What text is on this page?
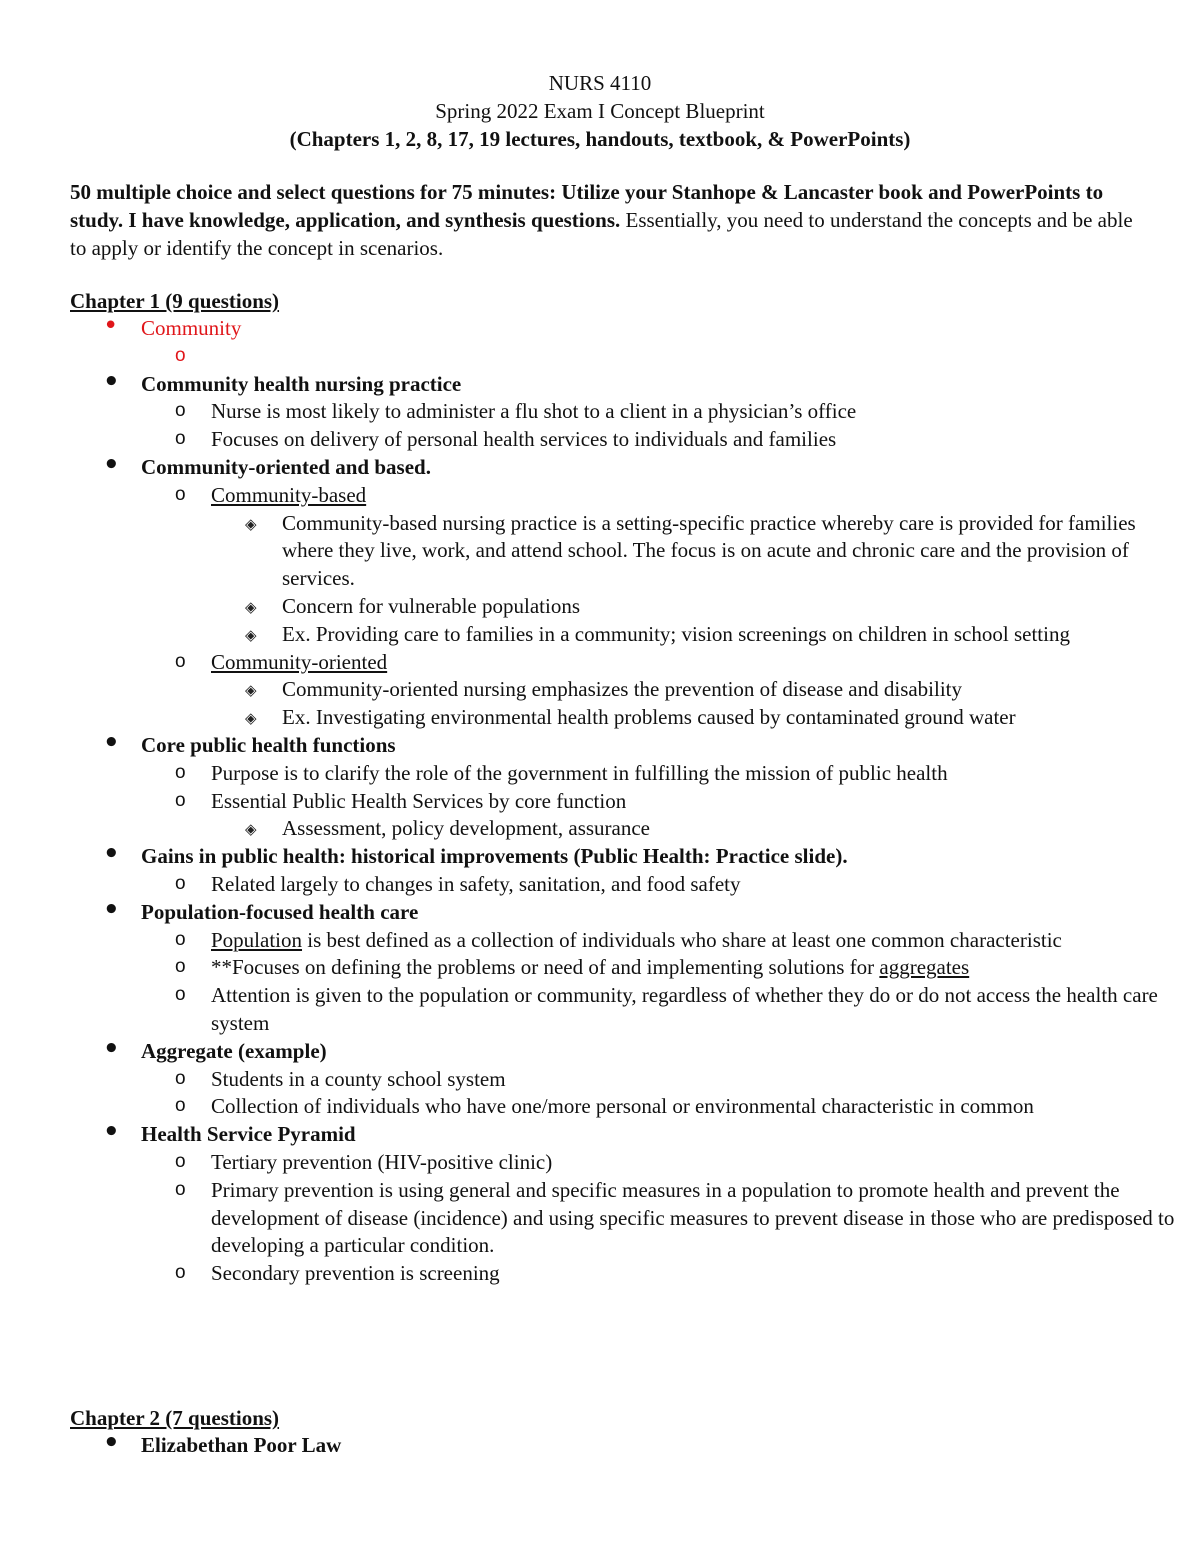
NURS 4110
Spring 2022 Exam I Concept Blueprint
(Chapters 1, 2, 8, 17, 19 lectures, handouts, textbook, & PowerPoints)

50 multiple choice and select questions for 75 minutes: Utilize your Stanhope & Lancaster book and PowerPoints to study. I have knowledge, application, and synthesis questions. Essentially, you need to understand the concepts and be able to apply or identify the concept in scenarios.

Chapter 1 (9 questions)
• Community
o
• Community health nursing practice
o Nurse is most likely to administer a flu shot to a client in a physician’s office
o Focuses on delivery of personal health services to individuals and families
• Community-oriented and based.
o Community-based
◈ Community-based nursing practice is a setting-specific practice whereby care is provided for families where they live, work, and attend school. The focus is on acute and chronic care and the provision of services.
◈ Concern for vulnerable populations
◈ Ex. Providing care to families in a community; vision screenings on children in school setting
o Community-oriented
◈ Community-oriented nursing emphasizes the prevention of disease and disability
◈ Ex. Investigating environmental health problems caused by contaminated ground water
• Core public health functions
o Purpose is to clarify the role of the government in fulfilling the mission of public health
o Essential Public Health Services by core function
◈ Assessment, policy development, assurance
• Gains in public health: historical improvements (Public Health: Practice slide).
o Related largely to changes in safety, sanitation, and food safety
• Population-focused health care
o Population is best defined as a collection of individuals who share at least one common characteristic
o **Focuses on defining the problems or need of and implementing solutions for aggregates
o Attention is given to the population or community, regardless of whether they do or do not access the health care system
• Aggregate (example)
o Students in a county school system
o Collection of individuals who have one/more personal or environmental characteristic in common
• Health Service Pyramid
o Tertiary prevention (HIV-positive clinic)
o Primary prevention is using general and specific measures in a population to promote health and prevent the development of disease (incidence) and using specific measures to prevent disease in those who are predisposed to developing a particular condition.
o Secondary prevention is screening
Chapter 2 (7 questions)
• Elizabethan Poor Law
